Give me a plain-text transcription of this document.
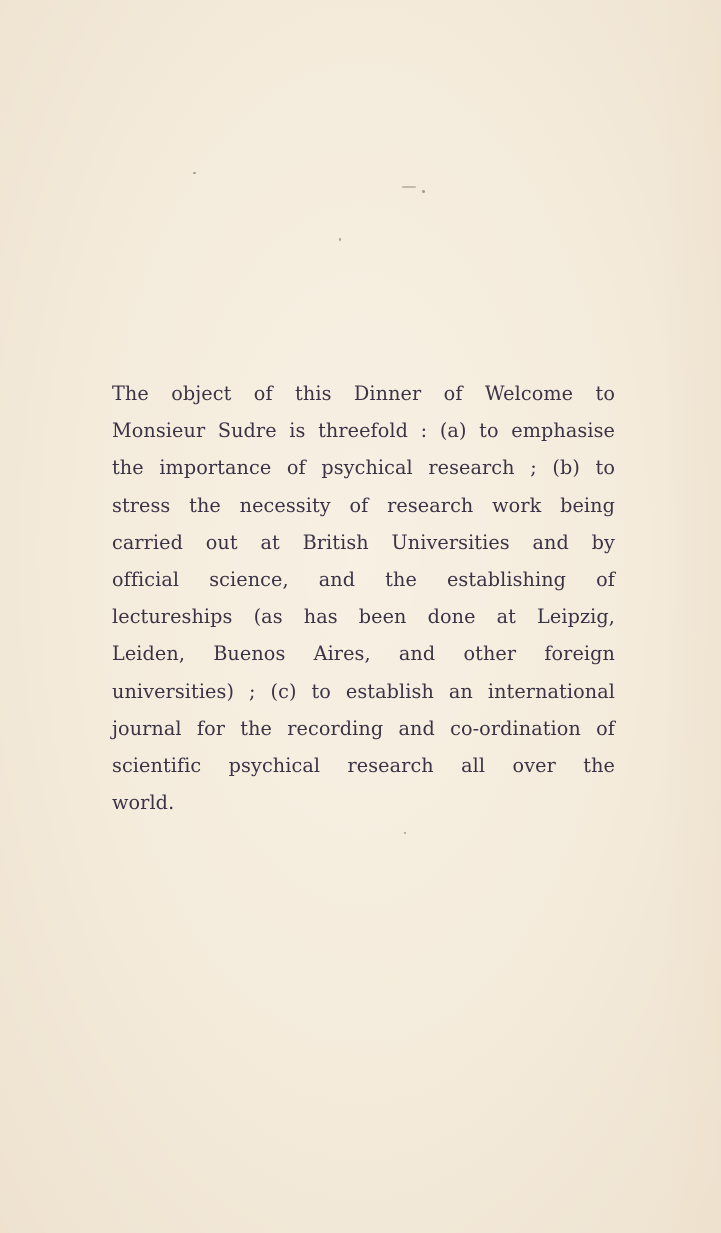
The object of this Dinner of Welcome to
Monsieur Sudre is threefold : (a) to emphasise
the importance of psychical research ; (b) to
stress the necessity of research work being
carried out at British Universities and by
official science, and the establishing of
lectureships (as has been done at Leipzig,
Leiden, Buenos Aires, and other foreign
universities) ; (c) to establish an international
journal for the recording and co-ordination of
scientific psychical research all over the
world.
